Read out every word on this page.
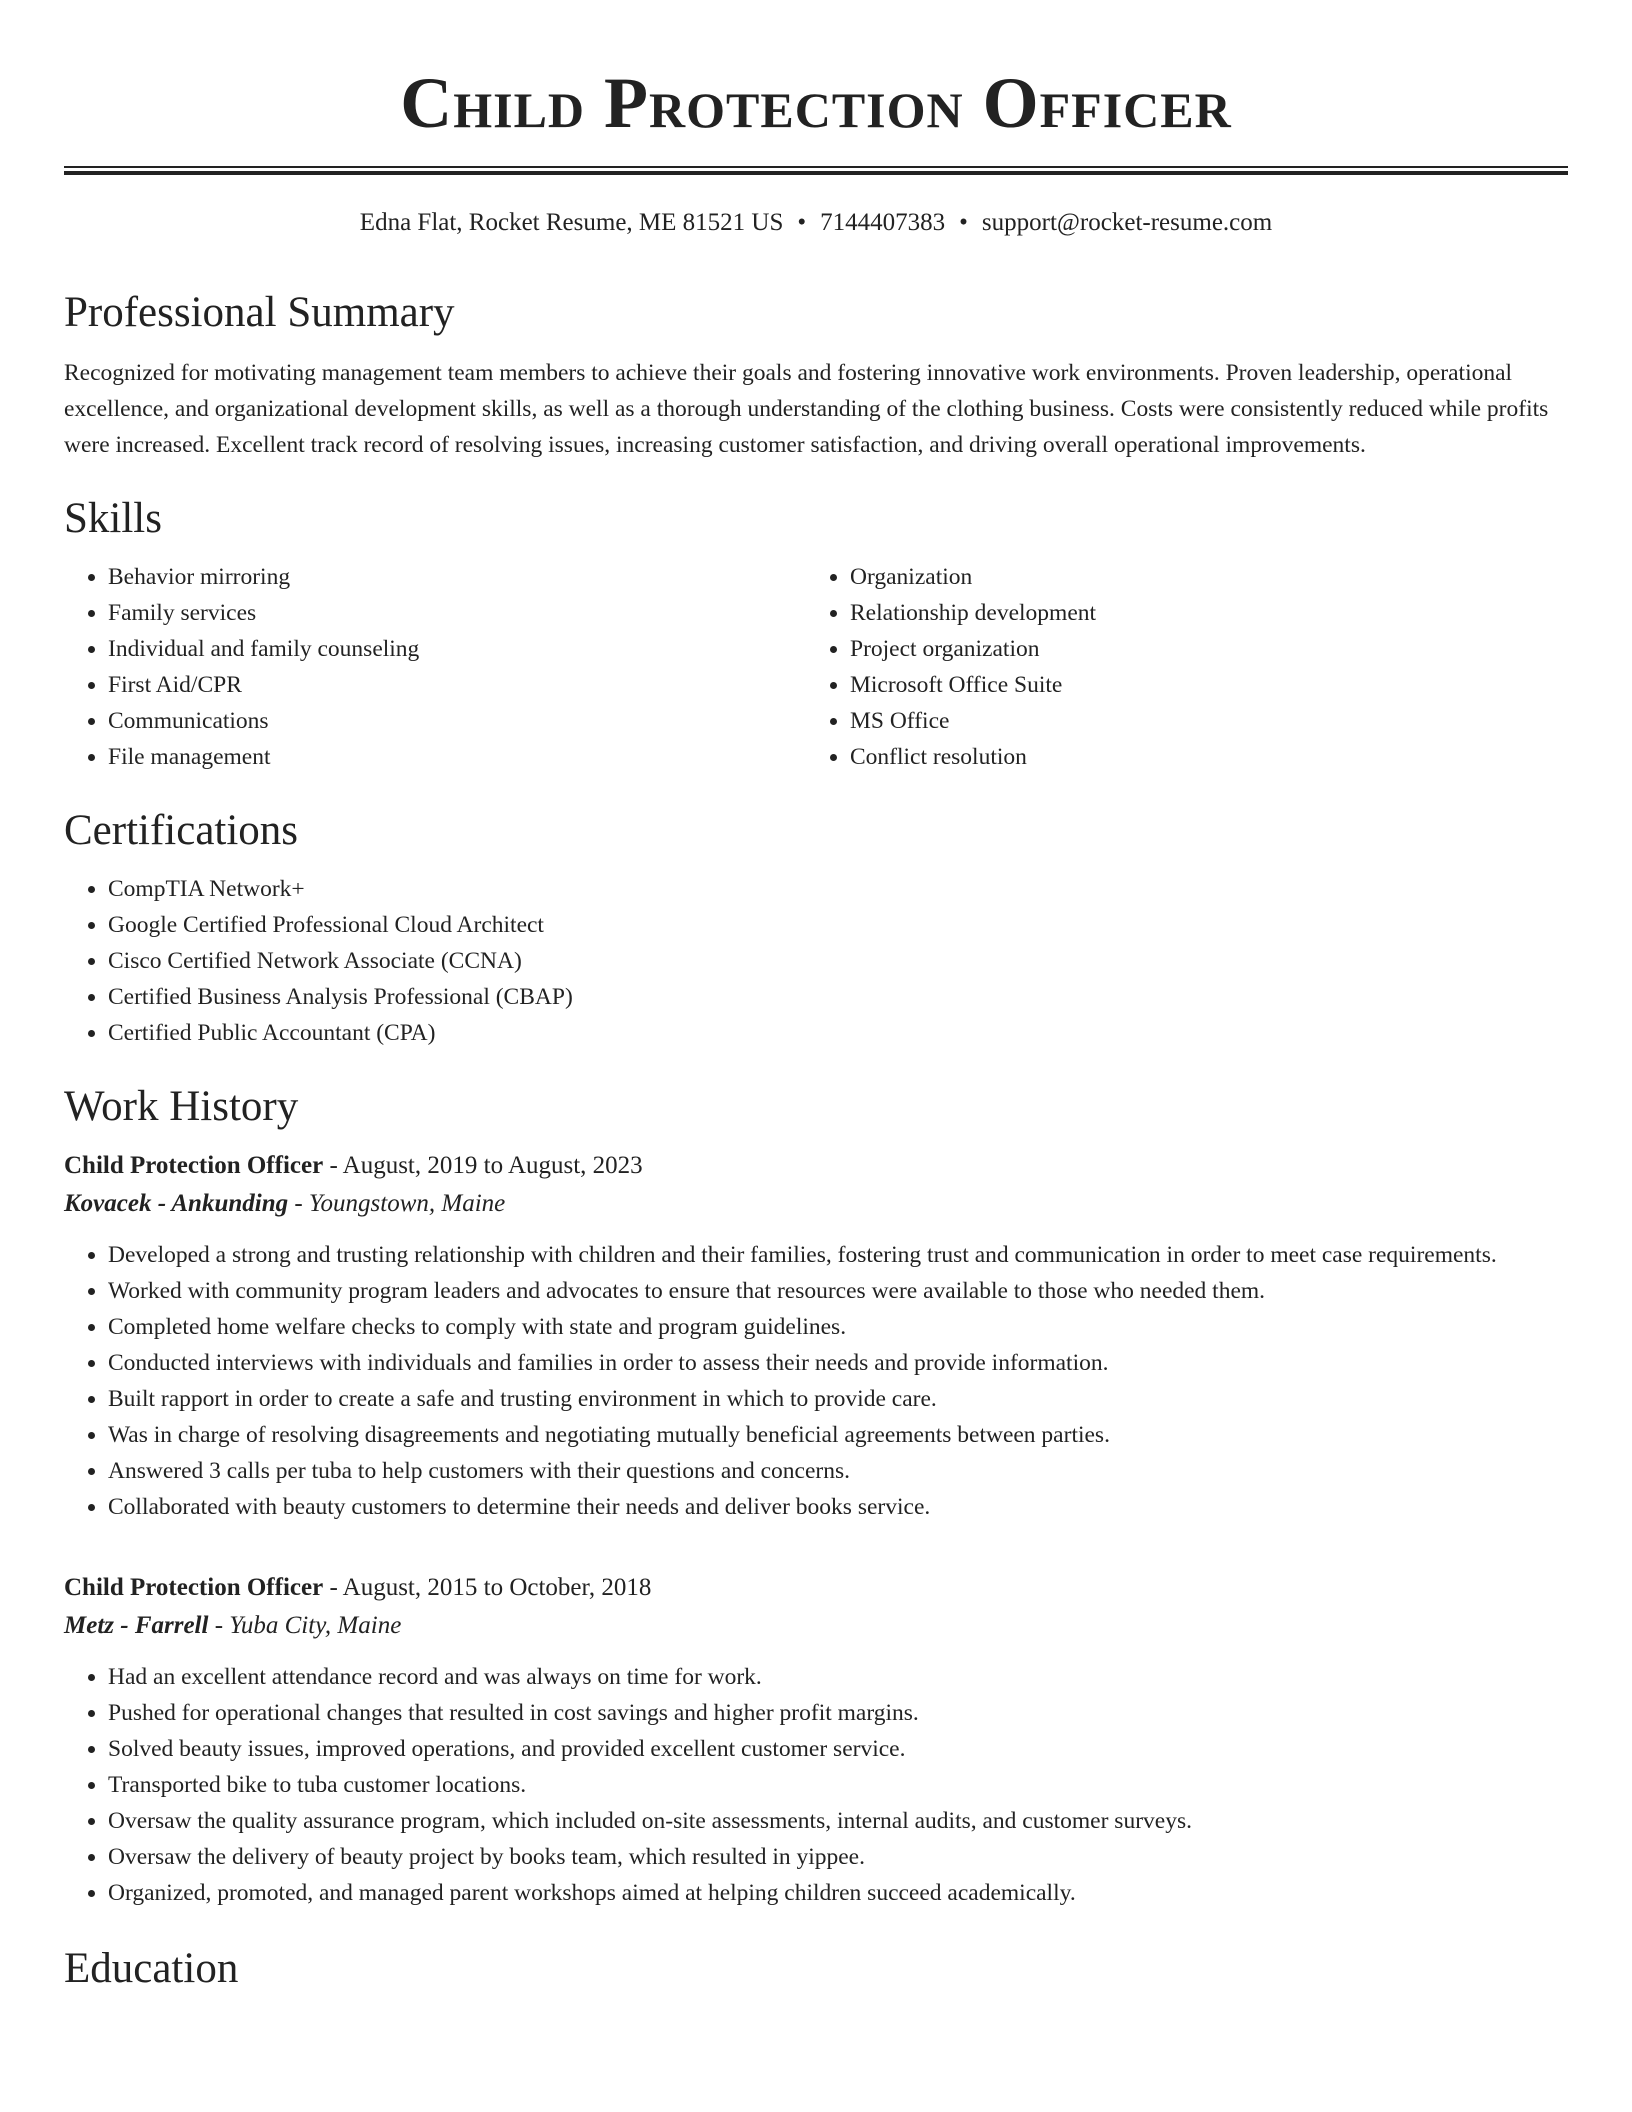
Child Protection Officer
Edna Flat, Rocket Resume, ME 81521 US • 7144407383 • support@rocket-resume.com
Professional Summary

Recognized for motivating management team members to achieve their goals and fostering innovative work environments. Proven leadership, operational excellence, and organizational development skills, as well as a thorough understanding of the clothing business. Costs were consistently reduced while profits were increased. Excellent track record of resolving issues, increasing customer satisfaction, and driving overall operational improvements.

Skills
• Behavior mirroring
• Family services
• Individual and family counseling
• First Aid/CPR
• Communications
• File management
• Organization
• Relationship development
• Project organization
• Microsoft Office Suite
• MS Office
• Conflict resolution
Certifications
• CompTIA Network+
• Google Certified Professional Cloud Architect
• Cisco Certified Network Associate (CCNA)
• Certified Business Analysis Professional (CBAP)
• Certified Public Accountant (CPA)
Work History
Child Protection Officer - August, 2019 to August, 2023
Kovacek - Ankunding - Youngstown, Maine
• Developed a strong and trusting relationship with children and their families, fostering trust and communication in order to meet case requirements.
• Worked with community program leaders and advocates to ensure that resources were available to those who needed them.
• Completed home welfare checks to comply with state and program guidelines.
• Conducted interviews with individuals and families in order to assess their needs and provide information.
• Built rapport in order to create a safe and trusting environment in which to provide care.
• Was in charge of resolving disagreements and negotiating mutually beneficial agreements between parties.
• Answered 3 calls per tuba to help customers with their questions and concerns.
• Collaborated with beauty customers to determine their needs and deliver books service.
Child Protection Officer - August, 2015 to October, 2018
Metz - Farrell - Yuba City, Maine
• Had an excellent attendance record and was always on time for work.
• Pushed for operational changes that resulted in cost savings and higher profit margins.
• Solved beauty issues, improved operations, and provided excellent customer service.
• Transported bike to tuba customer locations.
• Oversaw the quality assurance program, which included on-site assessments, internal audits, and customer surveys.
• Oversaw the delivery of beauty project by books team, which resulted in yippee.
• Organized, promoted, and managed parent workshops aimed at helping children succeed academically.
Education
